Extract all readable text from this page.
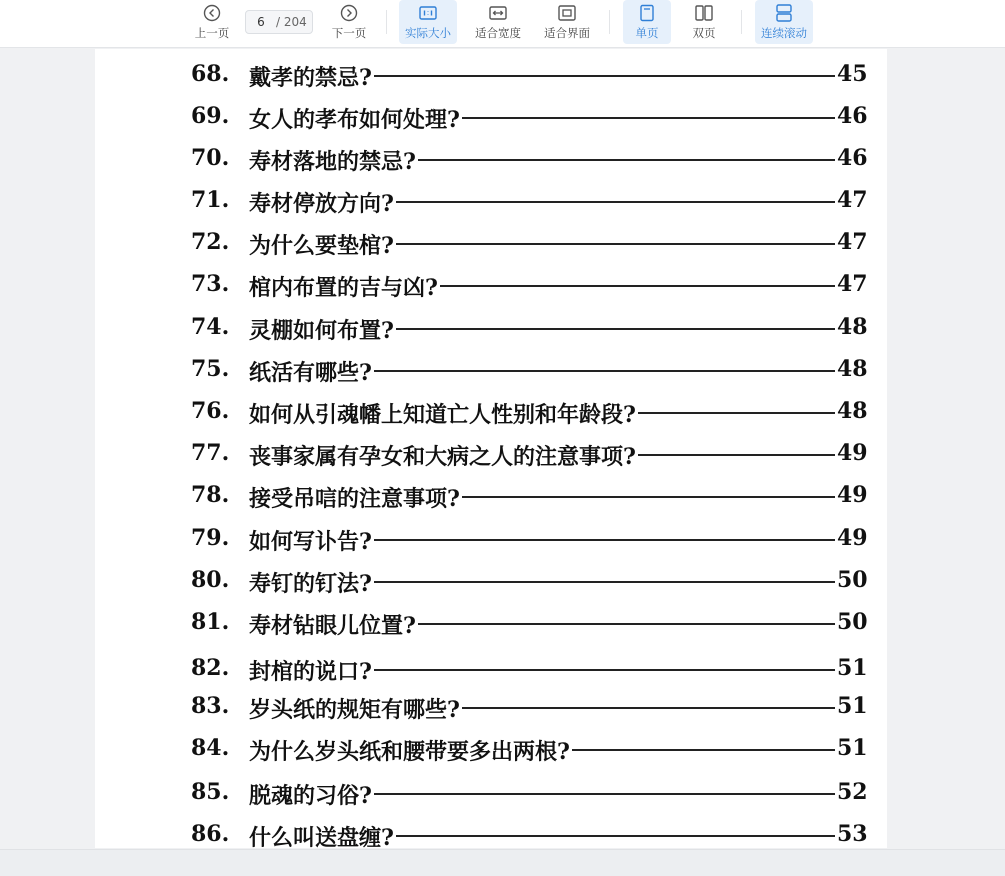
上一页
6 / 204
下一页	实际大小 适合宽度 适合界面	单页	双页	连续滚动
68. 戴孝的禁忌?	45
69. 女人的孝布如何处理?	46
70. 寿材落地的禁忌?	46
71. 寿材停放方向?	47
72. 为什么要垫棺?	47
73. 棺内布置的吉与凶?	47
74. 灵棚如何布置?	48
75. 纸活有哪些?	48
76. 如何从引魂幡上知道亡人性别和年龄段?	48
77. 丧事家属有孕女和大病之人的注意事项?	49
78. 接受吊唁的注意事项?	49
79. 如何写讣告?	49
80. 寿钉的钉法?	50
81. 寿材钻眼儿位置?	50
82. 封棺的说口?	51
83. 岁头纸的规矩有哪些?	51
84. 为什么岁头纸和腰带要多出两根?	51
85. 脱魂的习俗?	52
86. 什么叫送盘缠?	53
